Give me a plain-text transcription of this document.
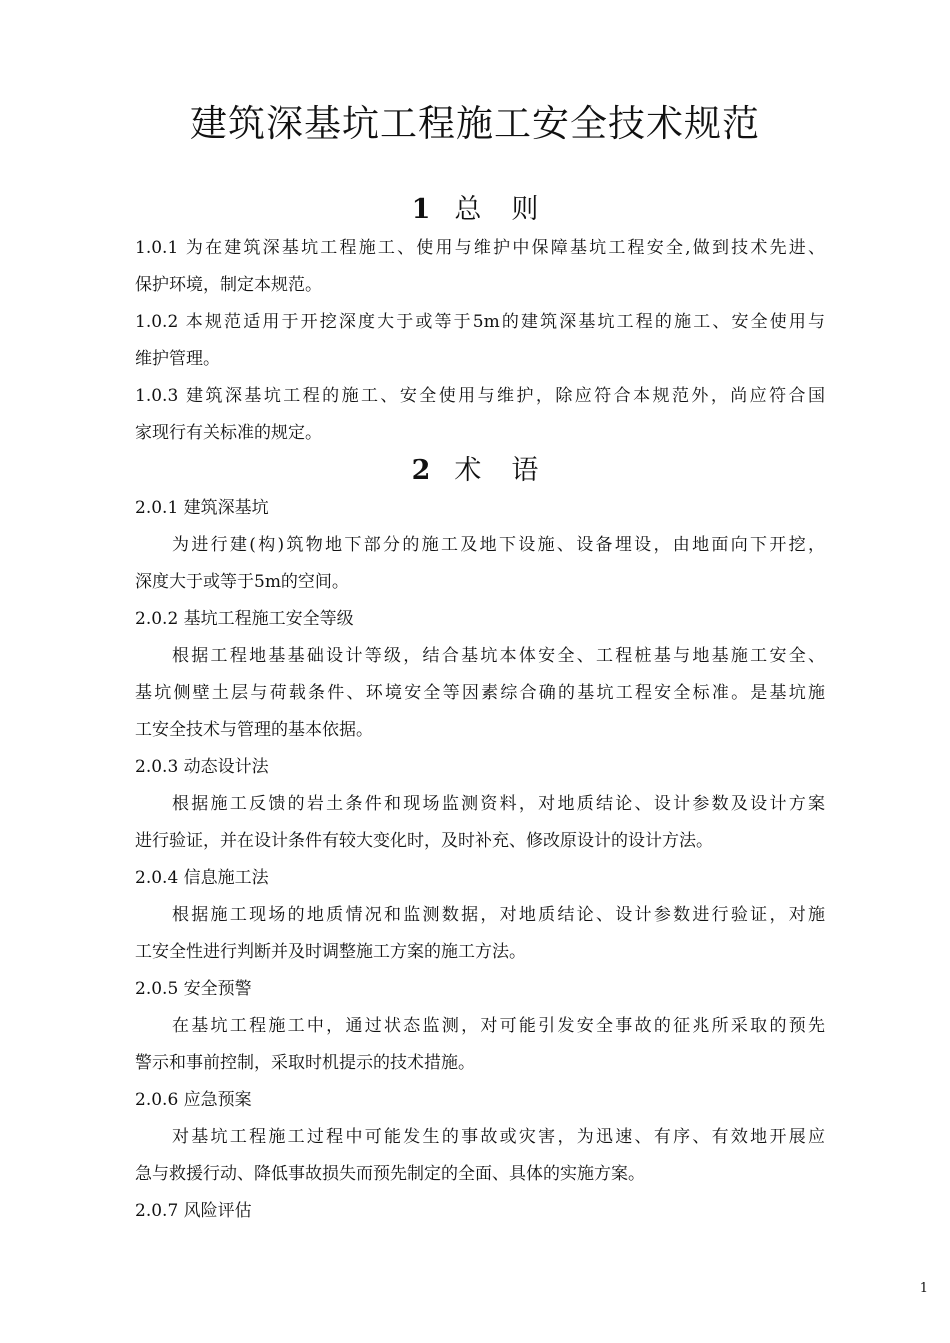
建筑深基坑工程施工安全技术规范
1 总则
1.0.1 为在建筑深基坑工程施工、使用与维护中保障基坑工程安全,做到技术先进、
保护环境，制定本规范。
1.0.2 本规范适用于开挖深度大于或等于5m的建筑深基坑工程的施工、安全使用与
维护管理。
1.0.3 建筑深基坑工程的施工、安全使用与维护，除应符合本规范外，尚应符合国
家现行有关标准的规定。
2 术语
2.0.1 建筑深基坑
为进行建(构)筑物地下部分的施工及地下设施、设备埋设，由地面向下开挖，
深度大于或等于5m的空间。
2.0.2 基坑工程施工安全等级
根据工程地基基础设计等级，结合基坑本体安全、工程桩基与地基施工安全、
基坑侧壁土层与荷载条件、环境安全等因素综合确的基坑工程安全标准。是基坑施
工安全技术与管理的基本依据。
2.0.3 动态设计法
根据施工反馈的岩土条件和现场监测资料，对地质结论、设计参数及设计方案
进行验证，并在设计条件有较大变化时，及时补充、修改原设计的设计方法。
2.0.4 信息施工法
根据施工现场的地质情况和监测数据，对地质结论、设计参数进行验证，对施
工安全性进行判断并及时调整施工方案的施工方法。
2.0.5 安全预警
在基坑工程施工中，通过状态监测，对可能引发安全事故的征兆所采取的预先
警示和事前控制，采取时机提示的技术措施。
2.0.6 应急预案
对基坑工程施工过程中可能发生的事故或灾害，为迅速、有序、有效地开展应
急与救援行动、降低事故损失而预先制定的全面、具体的实施方案。
2.0.7 风险评估
1
